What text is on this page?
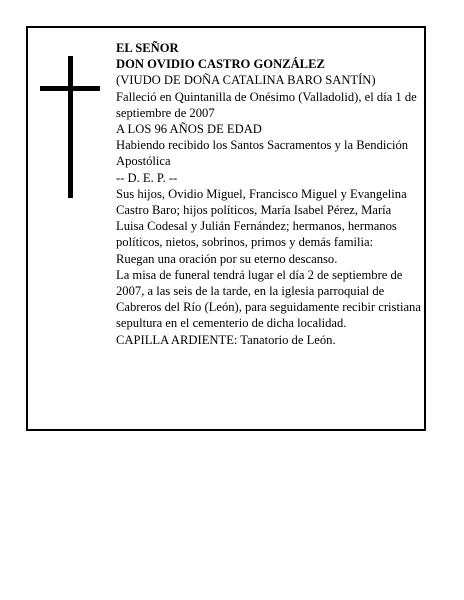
EL SEÑOR

DON OVIDIO CASTRO GONZÁLEZ

(VIUDO DE DOÑA CATALINA BARO SANTÍN)

Falleció en Quintanilla de Onésimo (Valladolid), el día 1 de septiembre de 2007

A LOS 96 AÑOS DE EDAD

Habiendo recibido los Santos Sacramentos y la Bendición Apostólica

-- D. E. P. --

Sus hijos, Ovidio Miguel, Francisco Miguel y Evangelina Castro Baro; hijos políticos, María Isabel Pérez, María Luisa Codesal y Julián Fernández; hermanos, hermanos políticos, nietos, sobrinos, primos y demás familia:

Ruegan una oración por su eterno descanso.

La misa de funeral tendrá lugar el día 2 de septiembre de 2007, a las seis de la tarde, en la iglesia parroquial de Cabreros del Río (León), para seguidamente recibir cristiana sepultura en el cementerio de dicha localidad.

CAPILLA ARDIENTE: Tanatorio de León.
